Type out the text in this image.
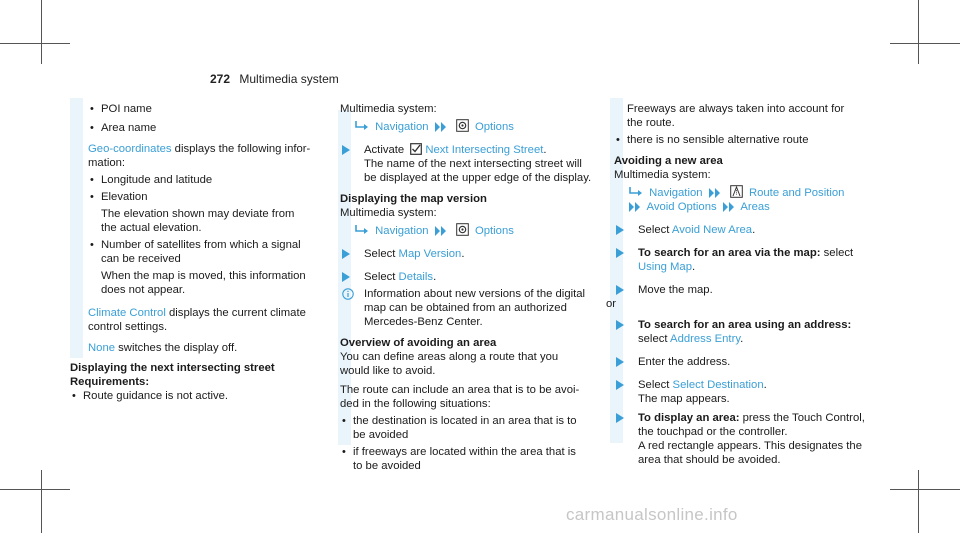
272 Multimedia system

• POI name

• Area name

Geo-coordinates displays the following infor-

mation:

• Longitude and latitude

• Elevation

The elevation shown may deviate from

the actual elevation.

• Number of satellites from which a signal

can be received

When the map is moved, this information

does not appear.

Climate Control displays the current climate

control settings.

None switches the display off.

Displaying the next intersecting street

Requirements:

• Route guidance is not active.

Multimedia system:

Navigation	Options

Activate Next Intersecting Street.

The name of the next intersecting street will

be displayed at the upper edge of the display.

Displaying the map version

Multimedia system:

Navigation	Options

Select Map Version.

Select Details.

Information about new versions of the digital

map can be obtained from an authorized

Mercedes-Benz Center.

Overview of avoiding an area

You can define areas along a route that you

would like to avoid.

The route can include an area that is to be avoi-

ded in the following situations:

• the destination is located in an area that is to

be avoided

• if freeways are located within the area that is

to be avoided

Freeways are always taken into account for

the route.

• there is no sensible alternative route

Avoiding a new area

Multimedia system:

Navigation	Route and Position

Avoid Options Areas

Select Avoid New Area.

To search for an area via the map: select

Using Map.

Move the map.

or

To search for an area using an address:

select Address Entry.

Enter the address.

Select Select Destination.

The map appears.

To display an area: press the Touch Control,

the touchpad or the controller.

A red rectangle appears. This designates the

area that should be avoided.

carmanualsonline.info
